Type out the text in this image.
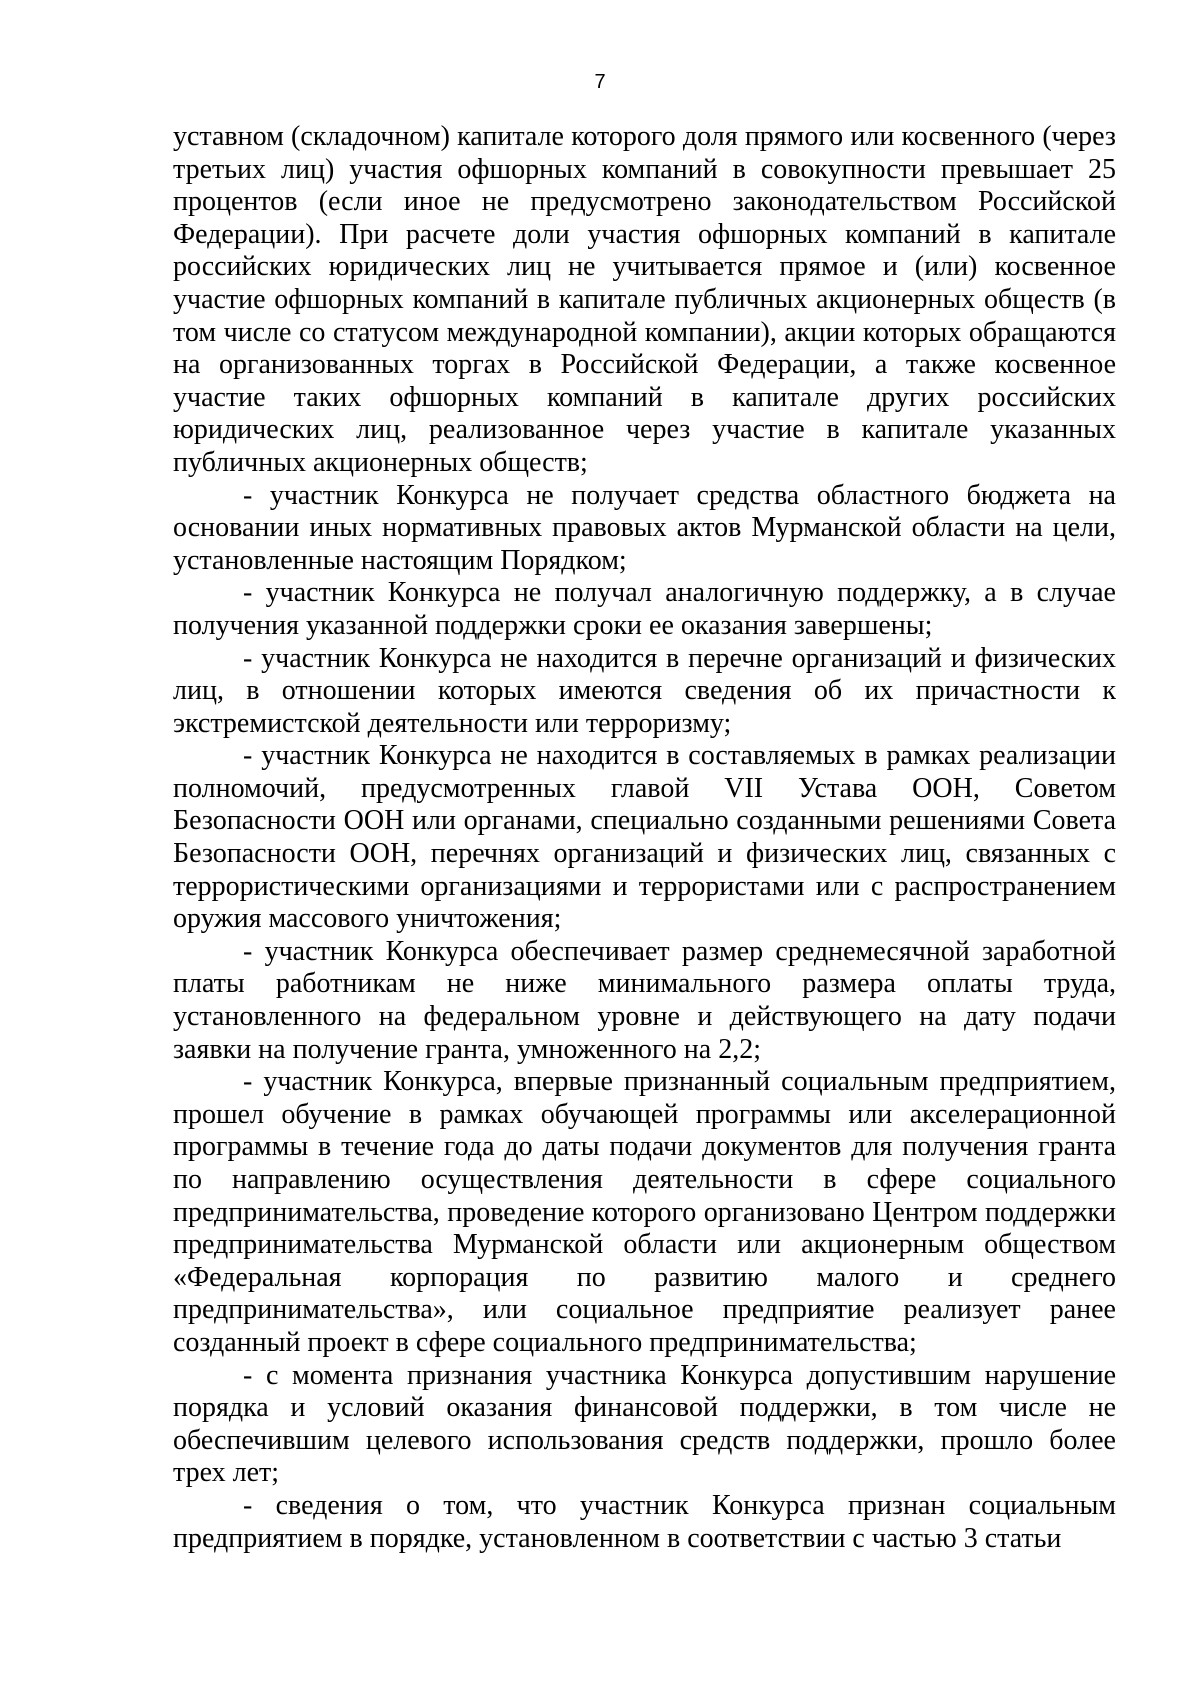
7

уставном (складочном) капитале которого доля прямого или косвенного (через третьих лиц) участия офшорных компаний в совокупности превышает 25 процентов (если иное не предусмотрено законодательством Российской Федерации). При расчете доли участия офшорных компаний в капитале российских юридических лиц не учитывается прямое и (или) косвенное участие офшорных компаний в капитале публичных акционерных обществ (в том числе со статусом международной компании), акции которых обращаются на организованных торгах в Российской Федерации, а также косвенное участие таких офшорных компаний в капитале других российских юридических лиц, реализованное через участие в капитале указанных публичных акционерных обществ;

- участник Конкурса не получает средства областного бюджета на основании иных нормативных правовых актов Мурманской области на цели, установленные настоящим Порядком;

- участник Конкурса не получал аналогичную поддержку, а в случае получения указанной поддержки сроки ее оказания завершены;

- участник Конкурса не находится в перечне организаций и физических лиц, в отношении которых имеются сведения об их причастности к экстремистской деятельности или терроризму;

- участник Конкурса не находится в составляемых в рамках реализации полномочий, предусмотренных главой VII Устава ООН, Советом Безопасности ООН или органами, специально созданными решениями Совета Безопасности ООН, перечнях организаций и физических лиц, связанных с террористическими организациями и террористами или с распространением оружия массового уничтожения;

- участник Конкурса обеспечивает размер среднемесячной заработной платы работникам не ниже минимального размера оплаты труда, установленного на федеральном уровне и действующего на дату подачи заявки на получение гранта, умноженного на 2,2;

- участник Конкурса, впервые признанный социальным предприятием, прошел обучение в рамках обучающей программы или акселерационной программы в течение года до даты подачи документов для получения гранта по направлению осуществления деятельности в сфере социального предпринимательства, проведение которого организовано Центром поддержки предпринимательства Мурманской области или акционерным обществом «Федеральная корпорация по развитию малого и среднего предпринимательства», или социальное предприятие реализует ранее созданный проект в сфере социального предпринимательства;

- с момента признания участника Конкурса допустившим нарушение порядка и условий оказания финансовой поддержки, в том числе не обеспечившим целевого использования средств поддержки, прошло более трех лет;

- сведения о том, что участник Конкурса признан социальным предприятием в порядке, установленном в соответствии с частью 3 статьи
